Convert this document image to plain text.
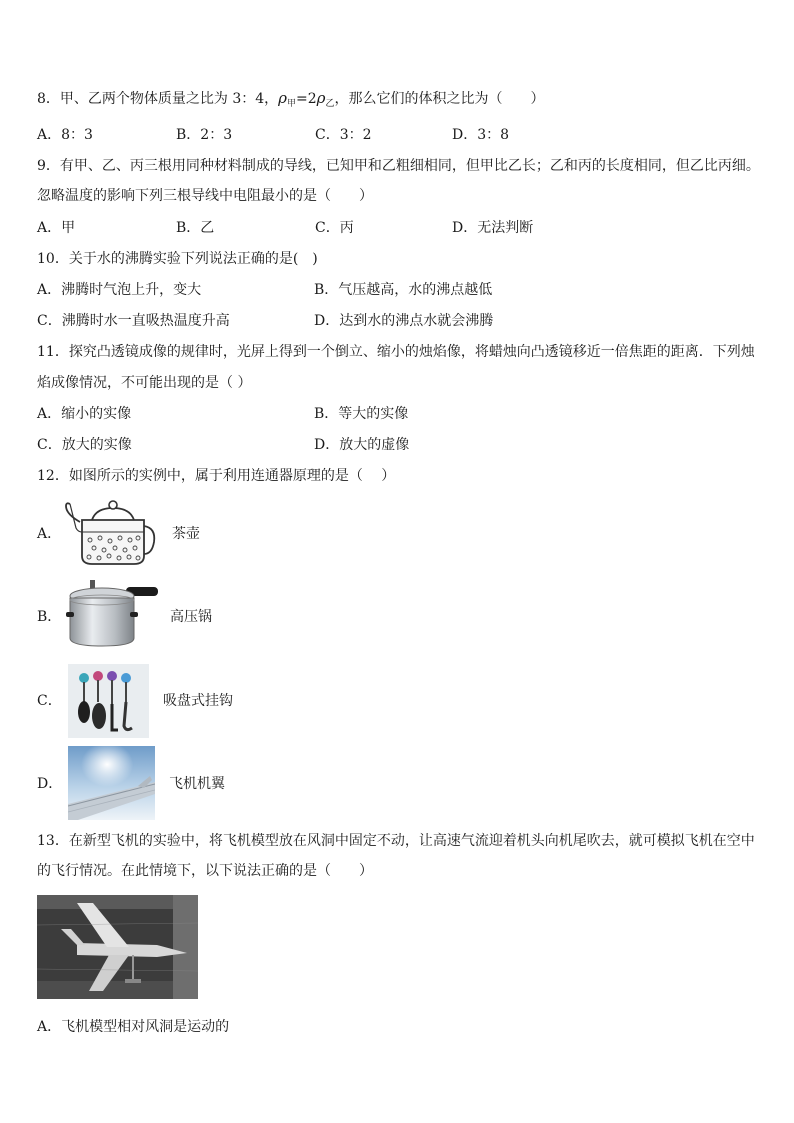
8．甲、乙两个物体质量之比为 3：4，$\rho_甲=2\rho_乙$，那么它们的体积之比为（　　）
A．8：3	B．2：3	C．3：2	D．3：8
9．有甲、乙、丙三根用同种材料制成的导线，已知甲和乙粗细相同，但甲比乙长；乙和丙的长度相同，但乙比丙细。
忽略温度的影响下列三根导线中电阻最小的是（　　）
A．甲	B．乙	C．丙	D．无法判断
10．关于水的沸腾实验下列说法正确的是(　)
A．沸腾时气泡上升，变大	B．气压越高，水的沸点越低
C．沸腾时水一直吸热温度升高	D．达到水的沸点水就会沸腾
11．探究凸透镜成像的规律时，光屏上得到一个倒立、缩小的烛焰像，将蜡烛向凸透镜移近一倍焦距的距离．下列烛
焰成像情况，不可能出现的是（ ）
A．缩小的实像	B．等大的实像
C．放大的实像	D．放大的虚像
12．如图所示的实例中，属于利用连通器原理的是（　 ）
A．	茶壶
B．	高压锅
C．	吸盘式挂钩
D．	飞机机翼
13．在新型飞机的实验中，将飞机模型放在风洞中固定不动，让高速气流迎着机头向机尾吹去，就可模拟飞机在空中
的飞行情况。在此情境下，以下说法正确的是（　　）
A．飞机模型相对风洞是运动的
